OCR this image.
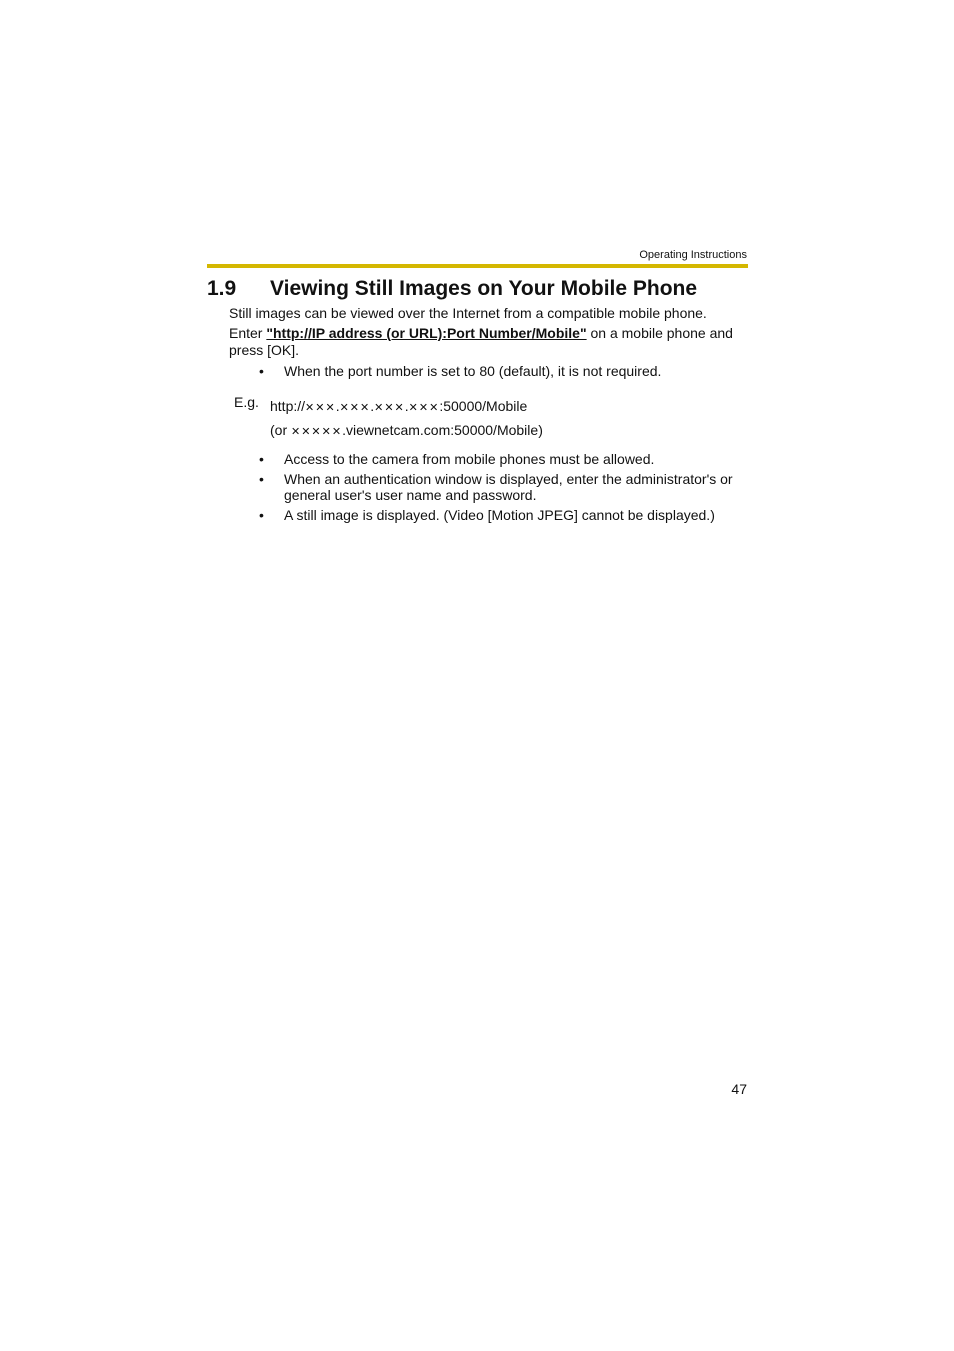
Operating Instructions
1.9 Viewing Still Images on Your Mobile Phone
Still images can be viewed over the Internet from a compatible mobile phone.
Enter "http://IP address (or URL):Port Number/Mobile" on a mobile phone and press [OK].
• When the port number is set to 80 (default), it is not required.
E.g. http://✕✕✕.✕✕✕.✕✕✕.✕✕✕:50000/Mobile
(or ✕✕✕✕✕.viewnetcam.com:50000/Mobile)
• Access to the camera from mobile phones must be allowed.
• When an authentication window is displayed, enter the administrator's or general user's user name and password.
• A still image is displayed. (Video [Motion JPEG] cannot be displayed.)
47
